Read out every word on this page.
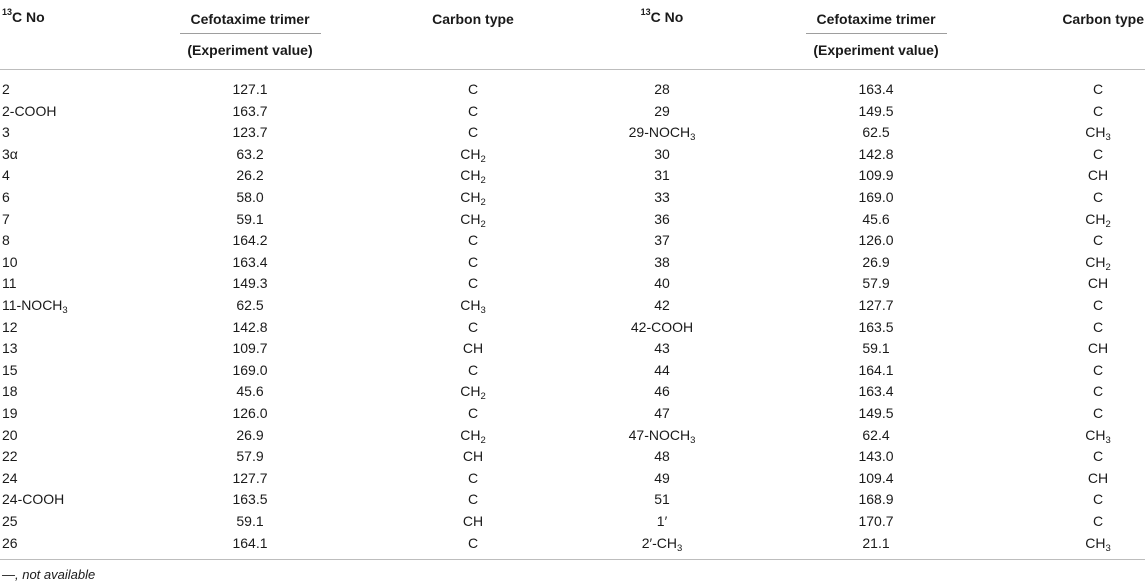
$^{13}$C No	Cefotaxime trimer
(Experiment value)
Carbon type	$^{13}$C No	Cefotaxime trimer
(Experiment value)
Carbon type
2	127.1	C	28	163.4	C
2-COOH	163.7	C	29	149.5	C
3	123.7	C	$29-NOCH_3$	62.5	$CH_3$
3α	63.2	$CH_2$	30	142.8	C
4	26.2	$CH_2$	31	109.9	CH
6	58.0	$CH_2$	33	169.0	C
7	59.1	$CH_2$	36	45.6	$CH_2$
8	164.2	C	37	126.0	C
10	163.4	C	38	26.9	$CH_2$
11	149.3	C	40	57.9	CH
$11-NOCH_3$	62.5	$CH_3$	42	127.7	C
12	142.8	C	42-COOH	163.5	C
13	109.7	CH	43	59.1	CH
15	169.0	C	44	164.1	C
18	45.6	$CH_2$	46	163.4	C
19	126.0	C	47	149.5	C
20	26.9	$CH_2$	$47-NOCH_3$	62.4	$CH_3$
22	57.9	CH	48	143.0	C
24	127.7	C	49	109.4	CH
24-COOH	163.5	C	51	168.9	C
25	59.1	CH	1′	170.7	C
26	164.1	C	$2'-CH_3$	21.1	$CH_3$
—, not available
